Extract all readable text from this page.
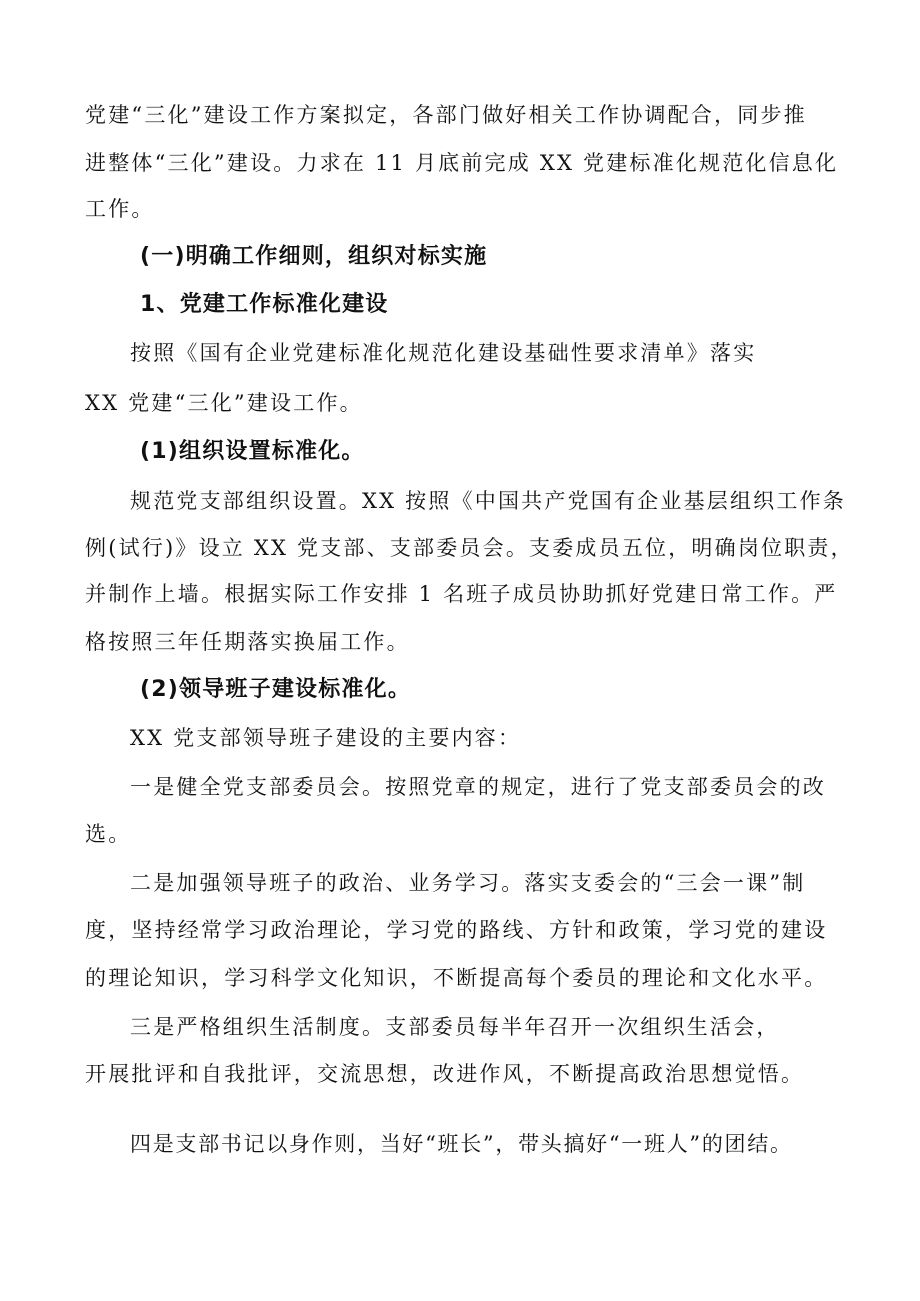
党建“三化”建设工作方案拟定，各部门做好相关工作协调配合，同步推
进整体“三化”建设。力求在 11 月底前完成 XX 党建标准化规范化信息化
工作。
(一)明确工作细则，组织对标实施
1、党建工作标准化建设
按照《国有企业党建标准化规范化建设基础性要求清单》落实
XX 党建“三化”建设工作。
(1)组织设置标准化。
规范党支部组织设置。XX 按照《中国共产党国有企业基层组织工作条
例(试行)》设立 XX 党支部、支部委员会。支委成员五位，明确岗位职责，
并制作上墙。根据实际工作安排 1 名班子成员协助抓好党建日常工作。严
格按照三年任期落实换届工作。
(2)领导班子建设标准化。
XX 党支部领导班子建设的主要内容：
一是健全党支部委员会。按照党章的规定，进行了党支部委员会的改
选。
二是加强领导班子的政治、业务学习。落实支委会的“三会一课”制
度，坚持经常学习政治理论，学习党的路线、方针和政策，学习党的建设
的理论知识，学习科学文化知识，不断提高每个委员的理论和文化水平。
三是严格组织生活制度。支部委员每半年召开一次组织生活会，
开展批评和自我批评，交流思想，改进作风，不断提高政治思想觉悟。
四是支部书记以身作则，当好“班长”，带头搞好“一班人”的团结。
